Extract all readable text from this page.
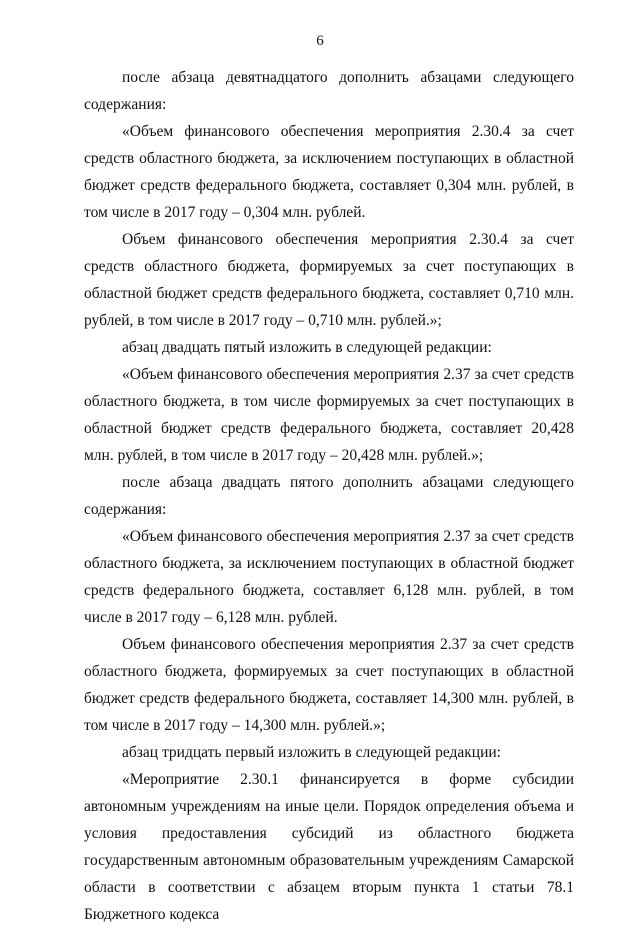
6

после абзаца девятнадцатого дополнить абзацами следующего содержания:

«Объем финансового обеспечения мероприятия 2.30.4 за счет средств областного бюджета, за исключением поступающих в областной бюджет средств федерального бюджета, составляет 0,304 млн. рублей, в том числе в 2017 году – 0,304 млн. рублей.

Объем финансового обеспечения мероприятия 2.30.4 за счет средств областного бюджета, формируемых за счет поступающих в областной бюджет средств федерального бюджета, составляет 0,710 млн. рублей, в том числе в 2017 году – 0,710 млн. рублей.»;

абзац двадцать пятый изложить в следующей редакции:

«Объем финансового обеспечения мероприятия 2.37 за счет средств областного бюджета, в том числе формируемых за счет поступающих в областной бюджет средств федерального бюджета, составляет 20,428 млн. рублей, в том числе в 2017 году – 20,428 млн. рублей.»;

после абзаца двадцать пятого дополнить абзацами следующего содержания:

«Объем финансового обеспечения мероприятия 2.37 за счет средств областного бюджета, за исключением поступающих в областной бюджет средств федерального бюджета, составляет 6,128 млн. рублей, в том числе в 2017 году – 6,128 млн. рублей.

Объем финансового обеспечения мероприятия 2.37 за счет средств областного бюджета, формируемых за счет поступающих в областной бюджет средств федерального бюджета, составляет 14,300 млн. рублей, в том числе в 2017 году – 14,300 млн. рублей.»;

абзац тридцать первый изложить в следующей редакции:

«Мероприятие 2.30.1 финансируется в форме субсидии автономным учреждениям на иные цели. Порядок определения объема и условия предоставления субсидий из областного бюджета государственным автономным образовательным учреждениям Самарской области в соответствии с абзацем вторым пункта 1 статьи 78.1 Бюджетного кодекса
